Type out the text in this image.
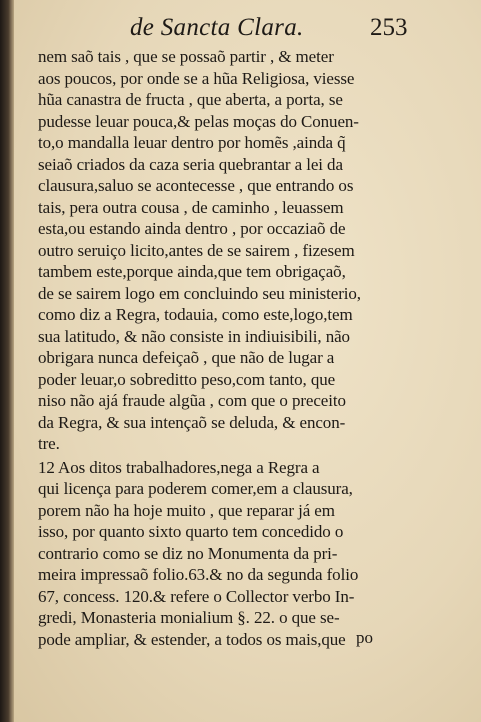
de Sancta Clara.	253
nem saõ tais , que se possaõ partir , & meter
aos poucos, por onde se a hũa Religiosa, viesse
hũa canastra de fructa , que aberta, a porta, se
pudesse leuar pouca,& pelas moças do Conuen-
to,o mandalla leuar dentro por homẽs ,ainda q̃
seiaõ criados da caza seria quebrantar a lei da
clausura,saluo se acontecesse , que entrando os
tais, pera outra cousa , de caminho , leuassem
esta,ou estando ainda dentro , por occaziaõ de
outro seruiço licito,antes de se sairem , fizesem
tambem este,porque ainda,que tem obrigaçaõ,
de se sairem logo em concluindo seu ministerio,
como diz a Regra, todauia, como este,logo,tem
sua latitudo, & não consiste in indiuisibili, não
obrigara nunca defeiçaõ , que não de lugar a
poder leuar,o sobreditto peso,com tanto, que
niso não ajá fraude algũa , com que o preceito
da Regra, & sua intençaõ se deluda, & encon-
tre.
12 Aos ditos trabalhadores,nega a Regra a
qui licença para poderem comer,em a clausura,
porem não ha hoje muito , que reparar já em
isso, por quanto sixto quarto tem concedido o
contrario como se diz no Monumenta da pri-
meira impressaõ folio.63.& no da segunda folio
67, concess. 120.& refere o Collector verbo In-
gredi, Monasteria monialium §. 22. o que se-
pode ampliar, & estender, a todos os mais,que po
